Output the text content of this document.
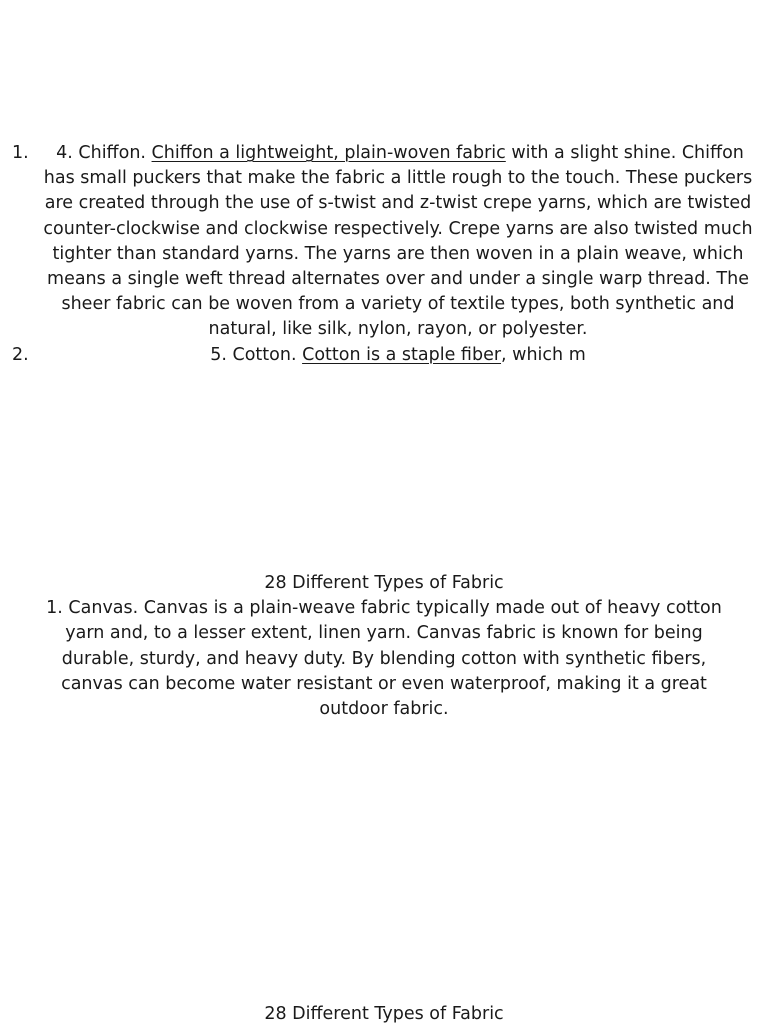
1.	4. Chiffon. Chiffon a lightweight, plain-woven fabric with a slight shine. Chiffon has small puckers that make the fabric a little rough to the touch. These puckers are created through the use of s-twist and z-twist crepe yarns, which are twisted counter-clockwise and clockwise respectively. Crepe yarns are also twisted much tighter than standard yarns. The yarns are then woven in a plain weave, which means a single weft thread alternates over and under a single warp thread. The sheer fabric can be woven from a variety of textile types, both synthetic and natural, like silk, nylon, rayon, or polyester.
2.	5. Cotton. Cotton is a staple fiber, which m

28 Different Types of Fabric

1. Canvas. Canvas is a plain-weave fabric typically made out of heavy cotton yarn and, to a lesser extent, linen yarn. Canvas fabric is known for being durable, sturdy, and heavy duty. By blending cotton with synthetic fibers, canvas can become water resistant or even waterproof, making it a great outdoor fabric.

28 Different Types of Fabric
